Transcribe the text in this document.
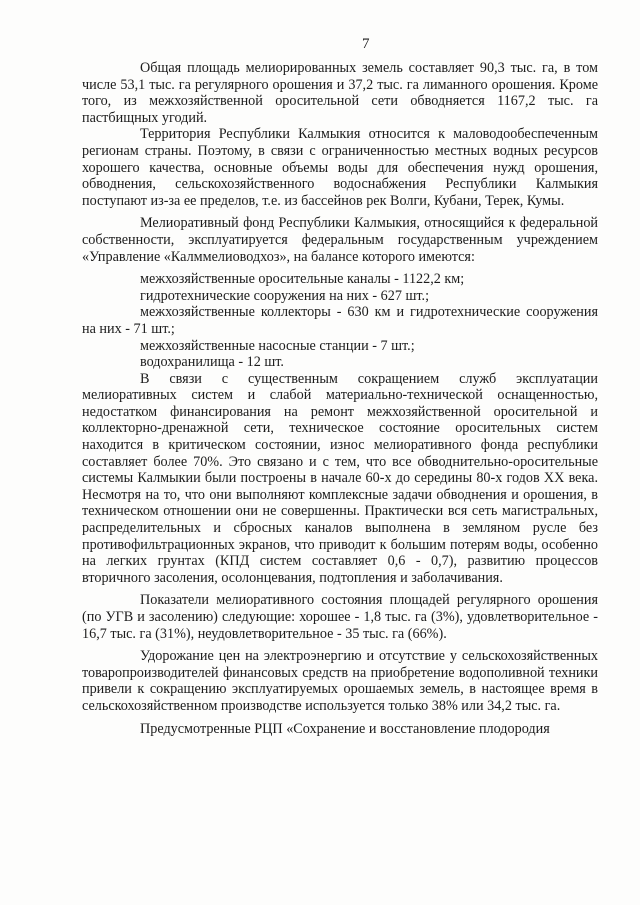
7

Общая площадь мелиорированных земель составляет 90,3 тыс. га, в том числе 53,1 тыс. га регулярного орошения и 37,2 тыс. га лиманного орошения. Кроме того, из межхозяйственной оросительной сети обводняется 1167,2 тыс. га пастбищных угодий.

Территория Республики Калмыкия относится к маловодообеспеченным регионам страны. Поэтому, в связи с ограниченностью местных водных ресурсов хорошего качества, основные объемы воды для обеспечения нужд орошения, обводнения, сельскохозяйственного водоснабжения Республики Калмыкия поступают из-за ее пределов, т.е. из бассейнов рек Волги, Кубани, Терек, Кумы.

Мелиоративный фонд Республики Калмыкия, относящийся к федеральной собственности, эксплуатируется федеральным государственным учреждением «Управление «Калммелиоводхоз», на балансе которого имеются:

межхозяйственные оросительные каналы - 1122,2 км;

гидротехнические сооружения на них - 627 шт.;

межхозяйственные коллекторы - 630 км и гидротехнические сооружения на них - 71 шт.;

межхозяйственные насосные станции - 7 шт.;

водохранилища - 12 шт.

В связи с существенным сокращением служб эксплуатации мелиоративных систем и слабой материально-технической оснащенностью, недостатком финансирования на ремонт межхозяйственной оросительной и коллекторно-дренажной сети, техническое состояние оросительных систем находится в критическом состоянии, износ мелиоративного фонда республики составляет более 70%. Это связано и с тем, что все обводнительно-оросительные системы Калмыкии были построены в начале 60-х до середины 80-х годов XX века. Несмотря на то, что они выполняют комплексные задачи обводнения и орошения, в техническом отношении они не совершенны. Практически вся сеть магистральных, распределительных и сбросных каналов выполнена в земляном русле без противофильтрационных экранов, что приводит к большим потерям воды, особенно на легких грунтах (КПД систем составляет 0,6 - 0,7), развитию процессов вторичного засоления, осолонцевания, подтопления и заболачивания.

Показатели мелиоративного состояния площадей регулярного орошения (по УГВ и засолению) следующие: хорошее - 1,8 тыс. га (3%), удовлетворительное - 16,7 тыс. га (31%), неудовлетворительное - 35 тыс. га (66%).

Удорожание цен на электроэнергию и отсутствие у сельскохозяйственных товаропроизводителей финансовых средств на приобретение водополивной техники привели к сокращению эксплуатируемых орошаемых земель, в настоящее время в сельскохозяйственном производстве используется только 38% или 34,2 тыс. га.

Предусмотренные РЦП «Сохранение и восстановление плодородия
